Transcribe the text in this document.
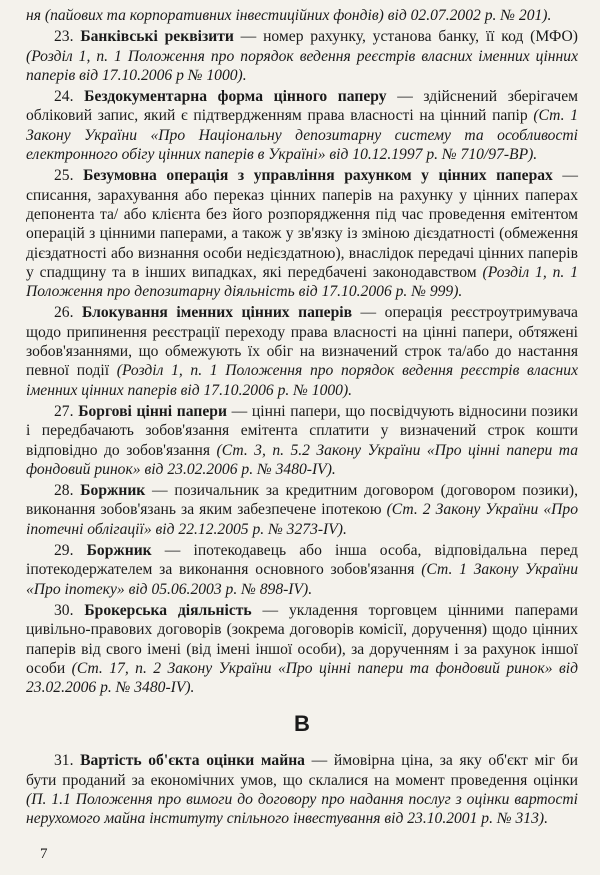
ня (пайових та корпоративних інвестиційних фондів) від 02.07.2002 р. № 201).

23. Банківські реквізити — номер рахунку, установа банку, її код (МФО) (Розділ 1, п. 1 Положення про порядок ведення реєстрів власних іменних цінних паперів від 17.10.2006 р № 1000).

24. Бездокументарна форма цінного паперу — здійснений зберігачем обліковий запис, який є підтвердженням права власності на цінний папір (Ст. 1 Закону України «Про Національну депозитарну систему та особливості електронного обігу цінних паперів в Україні» від 10.12.1997 р. № 710/97-ВР).

25. Безумовна операція з управління рахунком у цінних паперах — списання, зарахування або переказ цінних паперів на рахунку у цінних паперах депонента та/ або клієнта без його розпорядження під час проведення емітентом операцій з цінними паперами, а також у зв'язку із зміною дієздатності (обмеження дієздатності або визнання особи недієздатною), внаслідок передачі цінних паперів у спадщину та в інших випадках, які передбачені законодавством (Розділ 1, п. 1 Положення про депозитарну діяльність від 17.10.2006 р. № 999).

26. Блокування іменних цінних паперів — операція реєстроутримувача щодо припинення реєстрації переходу права власності на цінні папери, обтяжені зобов'язаннями, що обмежують їх обіг на визначений строк та/або до настання певної події (Розділ 1, п. 1 Положення про порядок ведення реєстрів власних іменних цінних паперів від 17.10.2006 р. № 1000).

27. Боргові цінні папери — цінні папери, що посвідчують відносини позики і передбачають зобов'язання емітента сплатити у визначений строк кошти відповідно до зобов'язання (Ст. 3, п. 5.2 Закону України «Про цінні папери та фондовий ринок» від 23.02.2006 р. № 3480-IV).

28. Боржник — позичальник за кредитним договором (договором позики), виконання зобов'язань за яким забезпечене іпотекою (Ст. 2 Закону України «Про іпотечні облігації» від 22.12.2005 р. № 3273-IV).

29. Боржник — іпотекодавець або інша особа, відповідальна перед іпотекодержателем за виконання основного зобов'язання (Ст. 1 Закону України «Про іпотеку» від 05.06.2003 р. № 898-IV).

30. Брокерська діяльність — укладення торговцем цінними паперами цивільно-правових договорів (зокрема договорів комісії, доручення) щодо цінних паперів від свого імені (від імені іншої особи), за дорученням і за рахунок іншої особи (Ст. 17, п. 2 Закону України «Про цінні папери та фондовий ринок» від 23.02.2006 р. № 3480-IV).

В

31. Вартість об'єкта оцінки майна — ймовірна ціна, за яку об'єкт міг би бути проданий за економічних умов, що склалися на момент проведення оцінки (П. 1.1 Положення про вимоги до договору про надання послуг з оцінки вартості нерухомого майна інституту спільного інвестування від 23.10.2001 р. № 313).

7
